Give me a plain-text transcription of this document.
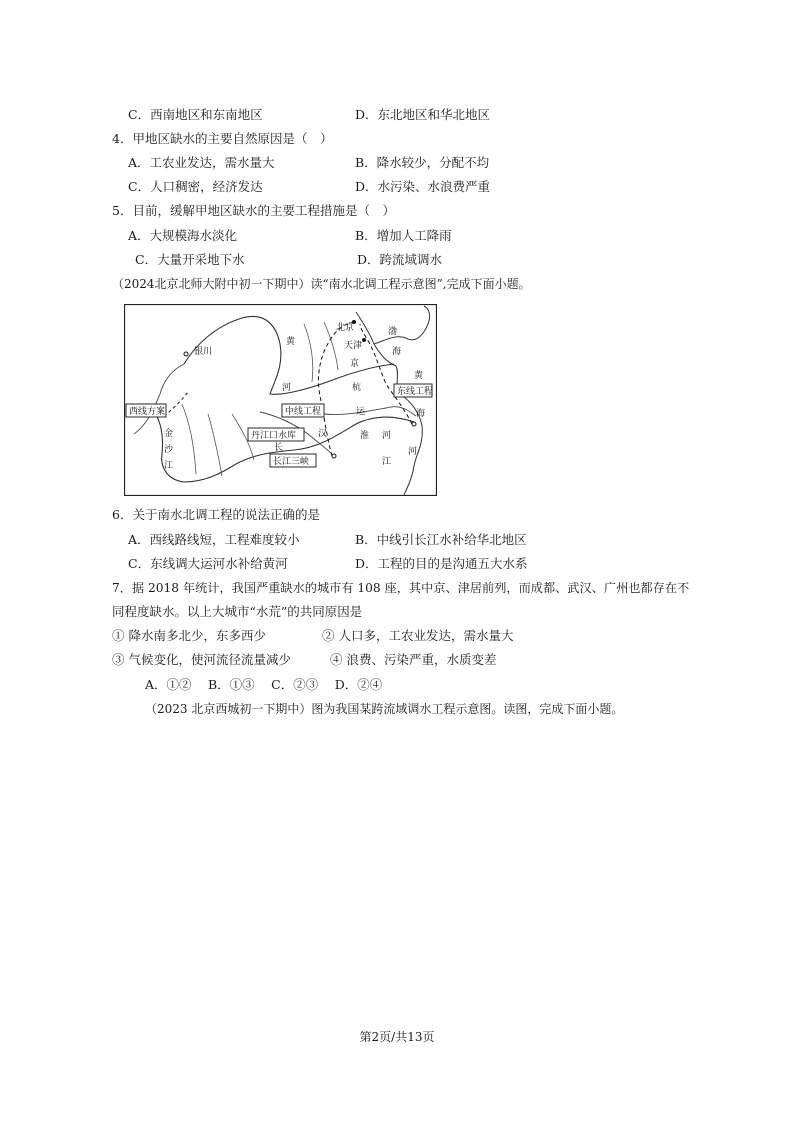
C．西南地区和东南地区	D．东北地区和华北地区
4．甲地区缺水的主要自然原因是（　）
A．工农业发达，需水量大	B．降水较少，分配不均
C．人口稠密，经济发达	D．水污染、水浪费严重
5．目前，缓解甲地区缺水的主要工程措施是（　）
A．大规模海水淡化	B．增加人工降雨
C．大量开采地下水	D．跨流域调水
（2024北京北师大附中初一下期中）读“南水北调工程示意图”,完成下面小题。
北京
天津
银川
黄
河
渤
海
京
杭
运
黄
海
东线工程
中线工程
西线方案
金
沙
江
丹江口水库 汉
长
长江三峡
淮 河
江
河
6．关于南水北调工程的说法正确的是
A．西线路线短，工程难度较小	B．中线引长江水补给华北地区
C．东线调大运河水补给黄河	D．工程的目的是沟通五大水系
7．据 2018 年统计，我国严重缺水的城市有 108 座，其中京、津居前列，而成都、武汉、广州也都存在不
同程度缺水。以上大城市“水荒”的共同原因是
① 降水南多北少，东多西少	② 人口多，工农业发达，需水量大
③ 气候变化，使河流径流量减少	④ 浪费、污染严重，水质变差
A．①②　 B．①③　 C．②③　 D．②④
（2023 北京西城初一下期中）图为我国某跨流域调水工程示意图。读图，完成下面小题。
第2页/共13页
